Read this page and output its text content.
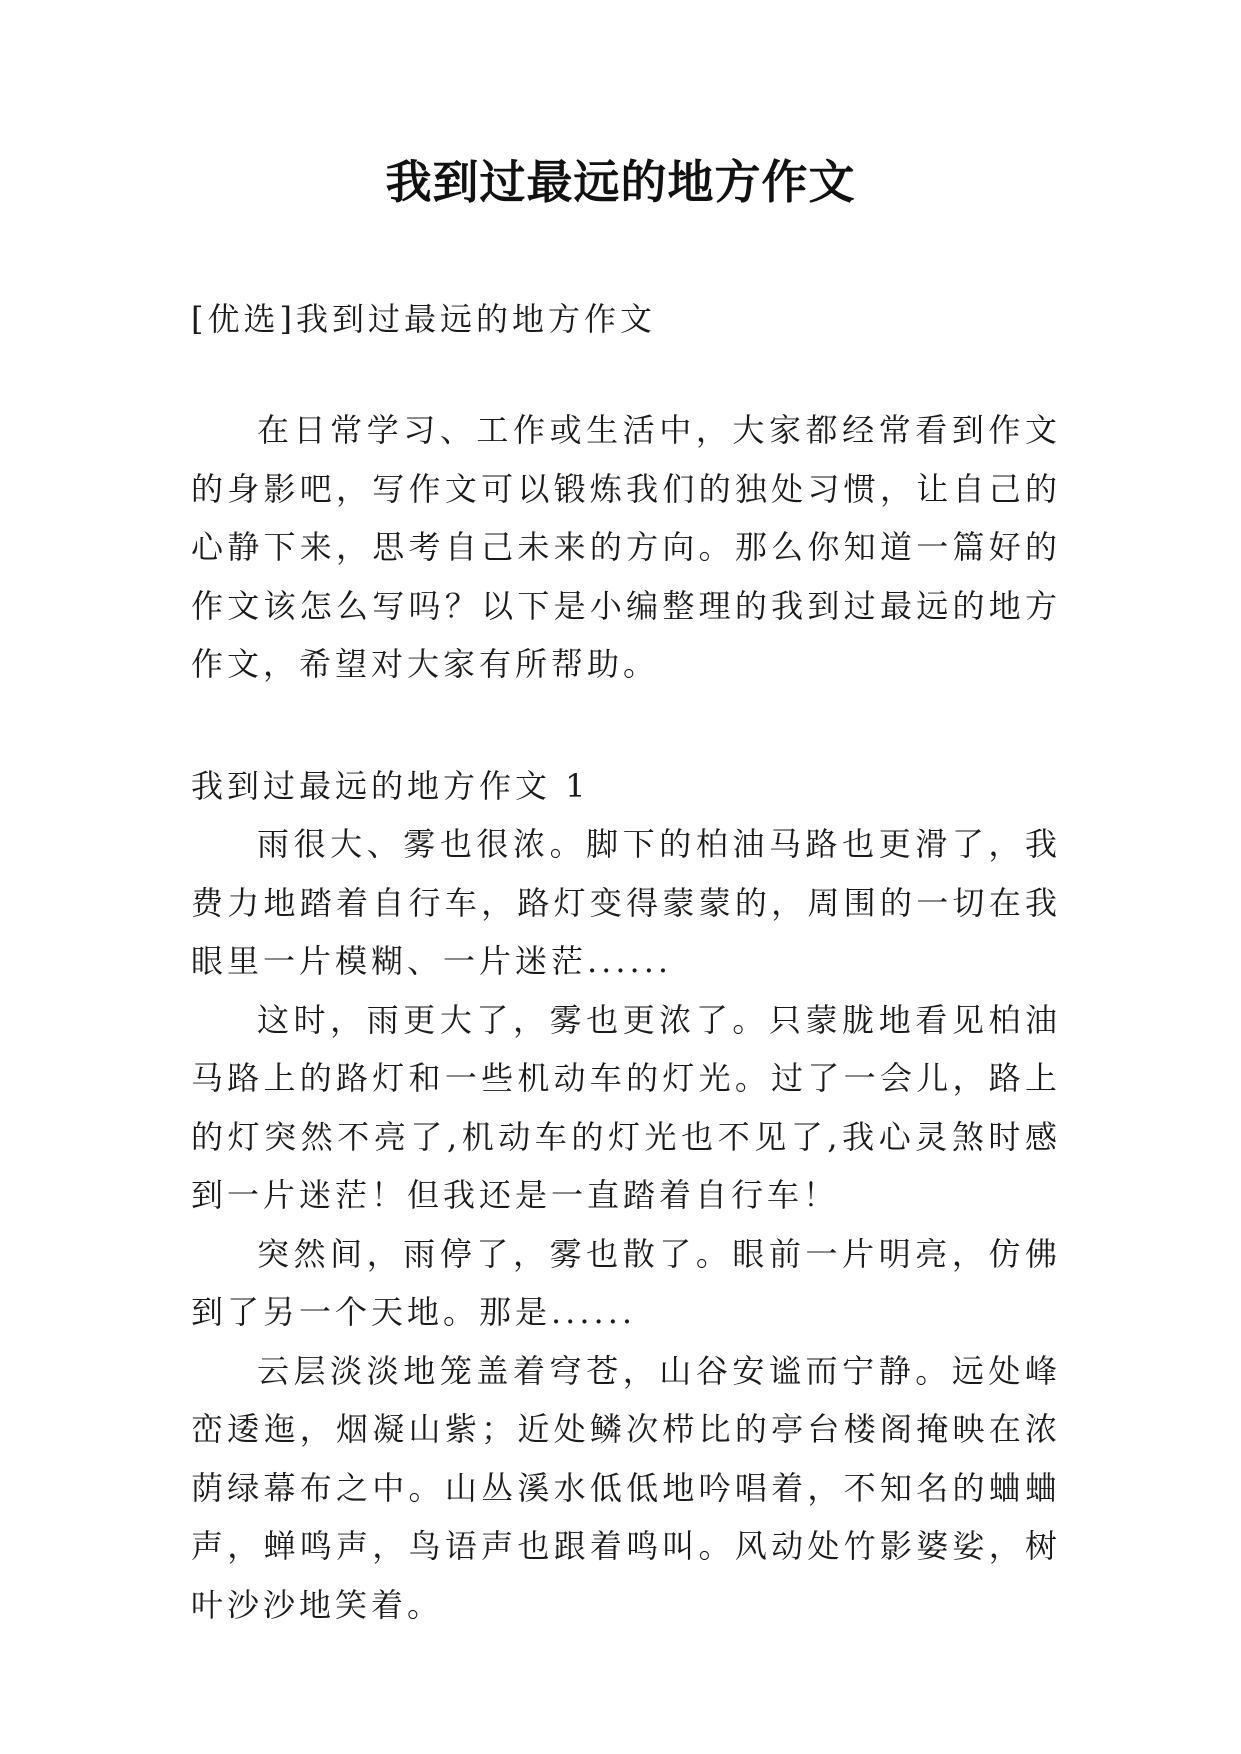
我到过最远的地方作文
[优选]我到过最远的地方作文

在日常学习、工作或生活中，大家都经常看到作文的身影吧，写作文可以锻炼我们的独处习惯，让自己的心静下来，思考自己未来的方向。那么你知道一篇好的作文该怎么写吗？以下是小编整理的我到过最远的地方作文，希望对大家有所帮助。

我到过最远的地方作文 1

雨很大、雾也很浓。脚下的柏油马路也更滑了，我费力地踏着自行车，路灯变得蒙蒙的，周围的一切在我眼里一片模糊、一片迷茫......

这时，雨更大了，雾也更浓了。只蒙胧地看见柏油马路上的路灯和一些机动车的灯光。过了一会儿，路上的灯突然不亮了,机动车的灯光也不见了,我心灵煞时感到一片迷茫！但我还是一直踏着自行车！

突然间，雨停了，雾也散了。眼前一片明亮，仿佛到了另一个天地。那是......

云层淡淡地笼盖着穹苍，山谷安谧而宁静。远处峰峦逶迤，烟凝山紫；近处鳞次栉比的亭台楼阁掩映在浓荫绿幕布之中。山丛溪水低低地吟唱着，不知名的蛐蛐声，蝉鸣声，鸟语声也跟着鸣叫。风动处竹影婆娑，树叶沙沙地笑着。
